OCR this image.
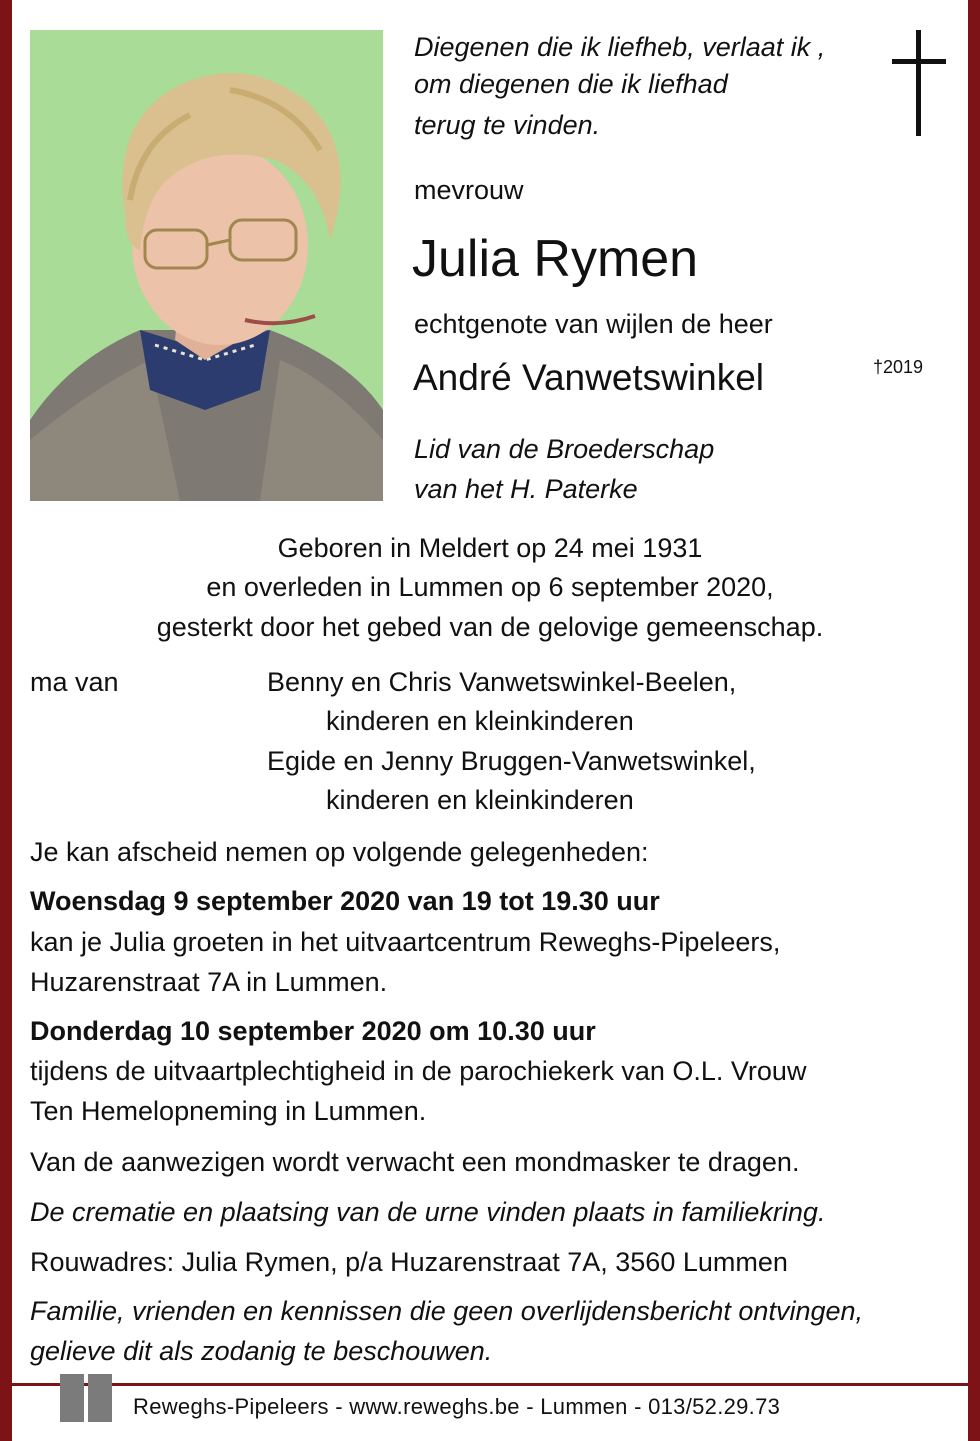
Diegenen die ik liefheb, verlaat ik ,
om diegenen die ik liefhad
terug te vinden.
mevrouw
Julia Rymen
echtgenote van wijlen de heer
André Vanwetswinkel	†2019
Lid van de Broederschap
van het H. Paterke
Geboren in Meldert op 24 mei 1931
en overleden in Lummen op 6 september 2020,
gesterkt door het gebed van de gelovige gemeenschap.
ma van	Benny en Chris Vanwetswinkel-Beelen,
kinderen en kleinkinderen
Egide en Jenny Bruggen-Vanwetswinkel,
kinderen en kleinkinderen
Je kan afscheid nemen op volgende gelegenheden:
Woensdag 9 september 2020 van 19 tot 19.30 uur
kan je Julia groeten in het uitvaartcentrum Reweghs-Pipeleers,
Huzarenstraat 7A in Lummen.
Donderdag 10 september 2020 om 10.30 uur
tijdens de uitvaartplechtigheid in de parochiekerk van O.L. Vrouw
Ten Hemelopneming in Lummen.
Van de aanwezigen wordt verwacht een mondmasker te dragen.
De crematie en plaatsing van de urne vinden plaats in familiekring.
Rouwadres: Julia Rymen, p/a Huzarenstraat 7A, 3560 Lummen
Familie, vrienden en kennissen die geen overlijdensbericht ontvingen,
gelieve dit als zodanig te beschouwen.
Reweghs-Pipeleers - www.reweghs.be - Lummen - 013/52.29.73
